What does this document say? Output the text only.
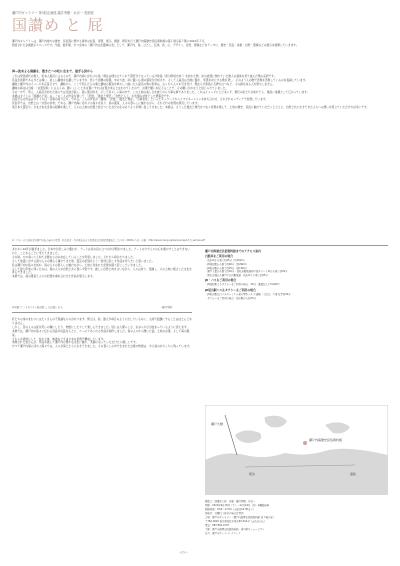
瀬戸内ギャラリー 第3回企画展 礒井秀樹・水谷一 美術展
国讃め と 屁
瀬戸内ギャラリーは、瀬戸内地方の歴史、民俗等に関する資料の収集、保管、展示、調査、研究を行う瀬戸内海歴史民俗資料館の第１展示室２階に2021年３月、
新設された企画展示スペースです。今後、数年間、かつ全体の「瀬戸内文化圏域の表」として、瀬戸内、島、ひとし、伝承、技、心、デザイン、自然、環境などをテーマに、歴史・民俗・美術・自然・環境などの展示を展開していきます。
神っ波来よる滴露を、散きたへの吃に走まで、描ぎる詩から
これは発見時代の歌人、桁本人麻呂によるもので、瀬戸内海に浮かぶ小島（現在は埋め立てられて陸続きとなっている沙弥島（香川県坂出市））を訪れた際、岸の岩陰に倒れていた旅人の遺体を見て詠んだ歌の意訳です。
奈良が首都である今とは違い、美しい讃岐を礼讃していますが、続いて遊興の強風、中の大波、岸に臨く仏道の風景が分析され、そして人麻呂は当地に臨れ、死霊を祀にする歌を発し、そのよう人の歌で表現を表現しているのを指摘しています。
讃岐と瀬戸内のイメージを定着させて、讃岐から、ここで死んだ人の魂と讃岐の風景を神々しく描いた人麻呂の歌の世界は、古くから人々を引き付け、現在も沙弥島に石碑が立つなど、その跡を辿る人を絶やしません。
讃岐の真言は当時、「言霊信仰」によるもの。願いしいことを言葉にすれば言霊が来ると言われていたので、言葉で願いを伝えることで、その願いがかなうと信じられていました。
その一方で、死人、人麻呂が訪れた島々では荒波が高く、強い風が吹き、そして荒々しい海の中で、この土地の美しさを詠うのも大事な事でありました。これはイメージにとどまらず、現代の私たちが訪れても、奥深い景観として広がっています。
本展はタイトル「国讃めと屁」は、この二人の作家を通して、「記憶」「過去と現代」「自然と人工」を表現の対象とした展覧会です。
出品予定の作品はタイトルは「言葉の成り立ち」である。二人の作家が「讃岐」「記憶」「過去と現在」「当事者性」といったキーワードからイマジネーションを持ち合わせ、それぞれのメディアで表現しています。
民俗学では、自然とは「共感の対象」である。瀬戸内海に浮かぶ小島々を巡り、島の風景、人々の暮らしに触れながら、それぞれの表現を探究しています。
東日本大震災や、さまざまな災害の経験を通して、人々は土地の記憶と結びついた自分の生のありようを問い直してきました。本展は、そうした過去と現代をつなぐ表現を通して、土地の歴史、民俗に触れていただくとともに、自然と共に生きてきた人々への想いを感じていただければ幸いです。
※「古今・有川新和訳本瀬戸内海人麻呂の歌集・佐伯浩訳・香川県坂出市立図書館文化財保護審議会」第５号（2006年５月）収載　http://www.manyo.jp/kenkyu/report_5_samne.pdf
あれから10年が過ぎました。日本中が悲しみに覆われ、アートは何の役に立つのかが問われました。アートの力で人々の心を癒やすことはできないかと、ことあるごとに考えてきました。
その時、やや遠くにも似て必要なものが存在していることを実感しました。それから時がたちました。
そして地震に対する国や人々の関心も薄れてきた頃、震災の記憶をもう一度呼び起こす作品を作りたいと思いました。
私は瀬戸内の島々を訪ね、島の人々の暮らしに触れながら、土地に刻まれた記憶を掘り起こしていきました。
そして最も印象に残ったのは、島の人々が自然と共に暮らす姿です。厳しい自然と向き合いながら、人々は祈り、感謝し、その土地に根ざした文化を育んできました。
本展では、島の風景と人々の記憶を重ね合わせた作品を展示します。
※本展にて「それでも大地は動く」出品致します。	（礒井秀樹）
私たちの身のまわりにはたくさんの不思議なものがあります。例えば、屁。誰もが毎日のように出しているのに、人前で話題にすることはほとんどありません。
しかし、昔の人々は屁を笑いの種にしたり、物語にしたりして楽しんできました。屁には人間らしさ、おおらかさが詰まっているように思えます。
本展では、瀬戸内の島々に伝わる昔話や民話をもとに、ユーモアあふれる作品を制作しました。島の人々から聞いた話、土地の言葉、そして海の風景。
それらを素材にして、絵や立体、映像などさまざまな表現で構成しています。
来場された皆さんが、作品を通して瀬戸内の豊かな文化に触れ、笑顔になっていただけたら嬉しいです。
かつて瀬戸内海に浮かぶ島々では、人々が海とともに生きてきました。その暮らしの中で生まれた言葉や物語は、今も島のあちこちに残っています。
（水谷一）
瀬戸内海歴史民俗資料館までのアクセス案内
自動車をご利用の場合
・坂出ICから車で約25分（約16km）
・JR高松駅から車で約40分（約26km）
・JR坂出駅から車で約25分（約13km）
・瀬戸大橋から車で約30分・高松自動車道府中湖スマートICから車で約20分
・岡山方面から瀬戸中央自動車道・坂出ICより車で約25分
JR・バスをご利用の場合
・JR高松駅よりタクシーをご利用の場合：30分・運賃およそ5,000円
JR坂出駅バス＆タクシーをご利用の場合
・JR坂出駅北口バスターミナル発の琴参バス 王越線「大浜口」下車 徒歩約20分
・タクシーをご利用の場合：坂出駅から約25分
瀬戸内海歴史民俗資料館
坂出	高松
瀬戸大橋
展覧会：国讃めと屁　出展：礒井秀樹、水谷一
期間：2021年9月18日（土）〜12月19日（日）※観覧無料
開館時間：9:00〜17:00（入館は16:30まで）
休館日：月曜日（祝日の場合は翌日）
会場：瀬戸内ギャラリー（瀬戸内海歴史民俗資料館 第１展示室）
〒762-0016 香川県高松市亀水町1412-2（五色台山上）
電話：087-881-4707
主催：瀬戸内海歴史民俗資料館・香川県立ミュージアム
協力：瀬戸内アートコレクティブ
